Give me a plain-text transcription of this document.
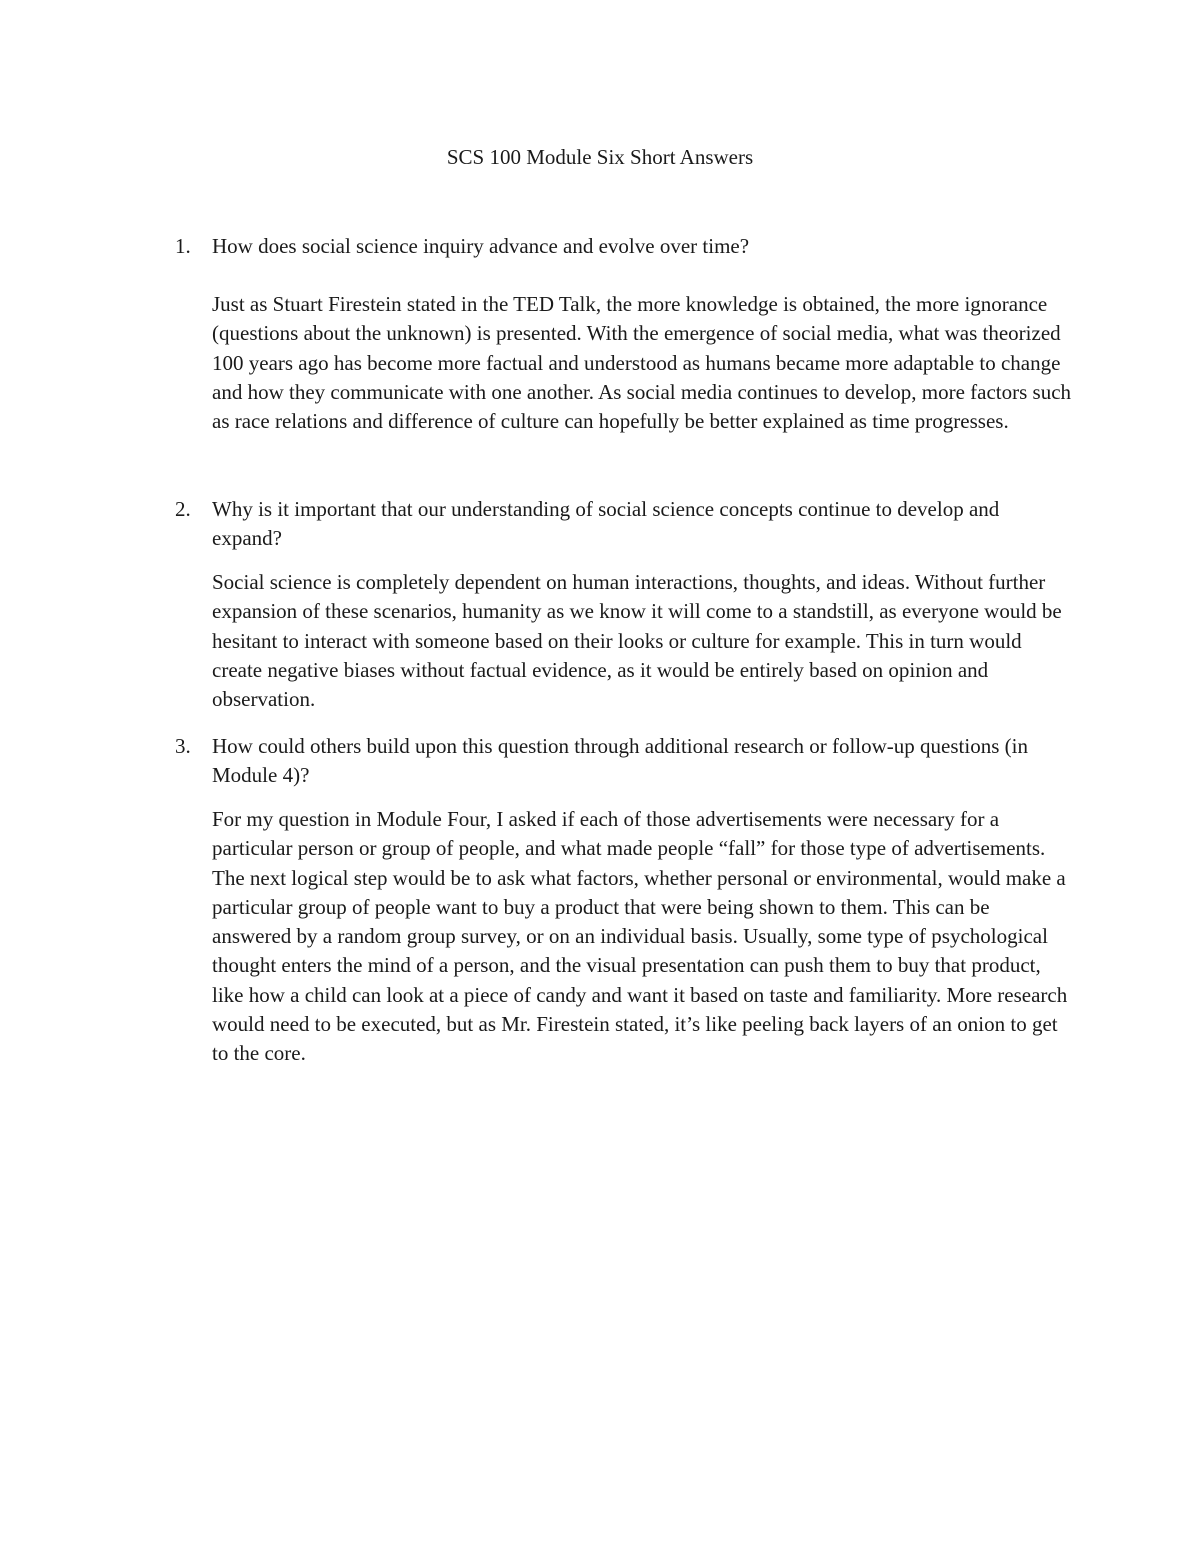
SCS 100 Module Six Short Answers
1. How does social science inquiry advance and evolve over time?

Just as Stuart Firestein stated in the TED Talk, the more knowledge is obtained, the more ignorance (questions about the unknown) is presented. With the emergence of social media, what was theorized 100 years ago has become more factual and understood as humans became more adaptable to change and how they communicate with one another. As social media continues to develop, more factors such as race relations and difference of culture can hopefully be better explained as time progresses.

2. Why is it important that our understanding of social science concepts continue to develop and expand?

Social science is completely dependent on human interactions, thoughts, and ideas. Without further expansion of these scenarios, humanity as we know it will come to a standstill, as everyone would be hesitant to interact with someone based on their looks or culture for example. This in turn would create negative biases without factual evidence, as it would be entirely based on opinion and observation.

3. How could others build upon this question through additional research or follow-up questions (in Module 4)?

For my question in Module Four, I asked if each of those advertisements were necessary for a particular person or group of people, and what made people “fall” for those type of advertisements. The next logical step would be to ask what factors, whether personal or environmental, would make a particular group of people want to buy a product that were being shown to them. This can be answered by a random group survey, or on an individual basis. Usually, some type of psychological thought enters the mind of a person, and the visual presentation can push them to buy that product, like how a child can look at a piece of candy and want it based on taste and familiarity. More research would need to be executed, but as Mr. Firestein stated, it’s like peeling back layers of an onion to get to the core.
